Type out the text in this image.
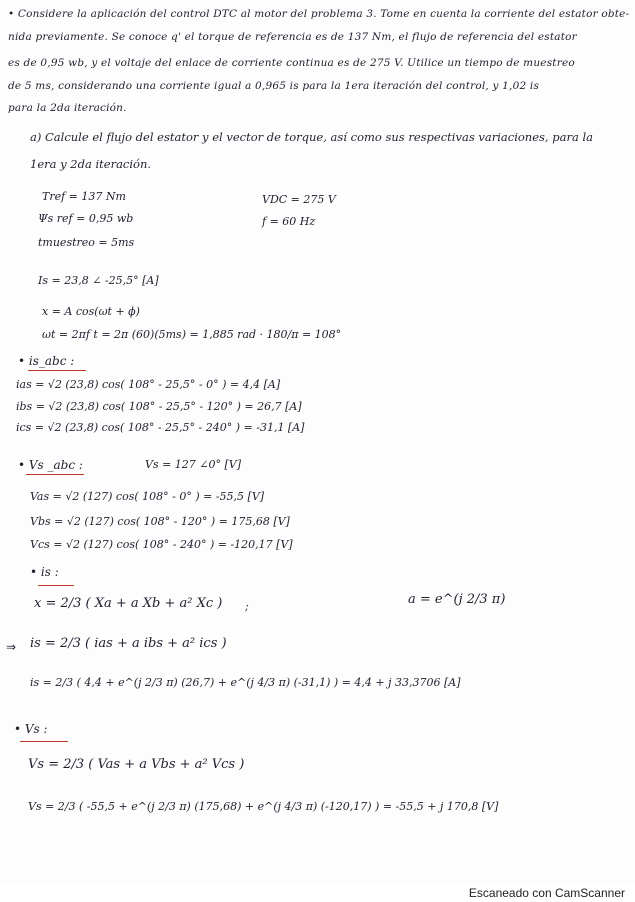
• Considere la aplicación del control DTC al motor del problema 3. Tome en cuenta la corriente del estator obte-
nida previamente. Se conoce q' el torque de referencia es de 137 Nm, el flujo de referencia del estator
es de 0,95 wb, y el voltaje del enlace de corriente continua es de 275 V. Utilice un tiempo de muestreo
de 5 ms, considerando una corriente igual a 0,965 is para la 1era iteración del control, y 1,02 is
para la 2da iteración.
a) Calcule el flujo del estator y el vector de torque, así como sus respectivas variaciones, para la
1era y 2da iteración.
Tref = 137 Nm
Ψs ref = 0,95 wb
tmuestreo = 5ms
VDC = 275 V
f = 60 Hz
Is = 23,8 ∠ -25,5° [A]
x = A cos(ωt + ϕ)
ωt = 2πf t = 2π (60)(5ms) = 1,885 rad · 180/π = 108°
• is_abc :
ias = √2 (23,8) cos( 108° - 25,5° - 0° ) = 4,4 [A]
ibs = √2 (23,8) cos( 108° - 25,5° - 120° ) = 26,7 [A]
ics = √2 (23,8) cos( 108° - 25,5° - 240° ) = -31,1 [A]
• Vs _abc :	Vs = 127 ∠0° [V]
Vas = √2 (127) cos( 108° - 0° ) = -55,5 [V]
Vbs = √2 (127) cos( 108° - 120° ) = 175,68 [V]
Vcs = √2 (127) cos( 108° - 240° ) = -120,17 [V]
• is :
x = 2/3 ( Xa + a Xb + a² Xc ) ;	a = e^(j 2/3 π)
⇒ is = 2/3 ( ias + a ibs + a² ics )
is = 2/3 ( 4,4 + e^(j 2/3 π) (26,7) + e^(j 4/3 π) (-31,1) ) = 4,4 + j 33,3706 [A]
• Vs :
Vs = 2/3 ( Vas + a Vbs + a² Vcs )
Vs = 2/3 ( -55,5 + e^(j 2/3 π) (175,68) + e^(j 4/3 π) (-120,17) ) = -55,5 + j 170,8 [V]
Escaneado con CamScanner
